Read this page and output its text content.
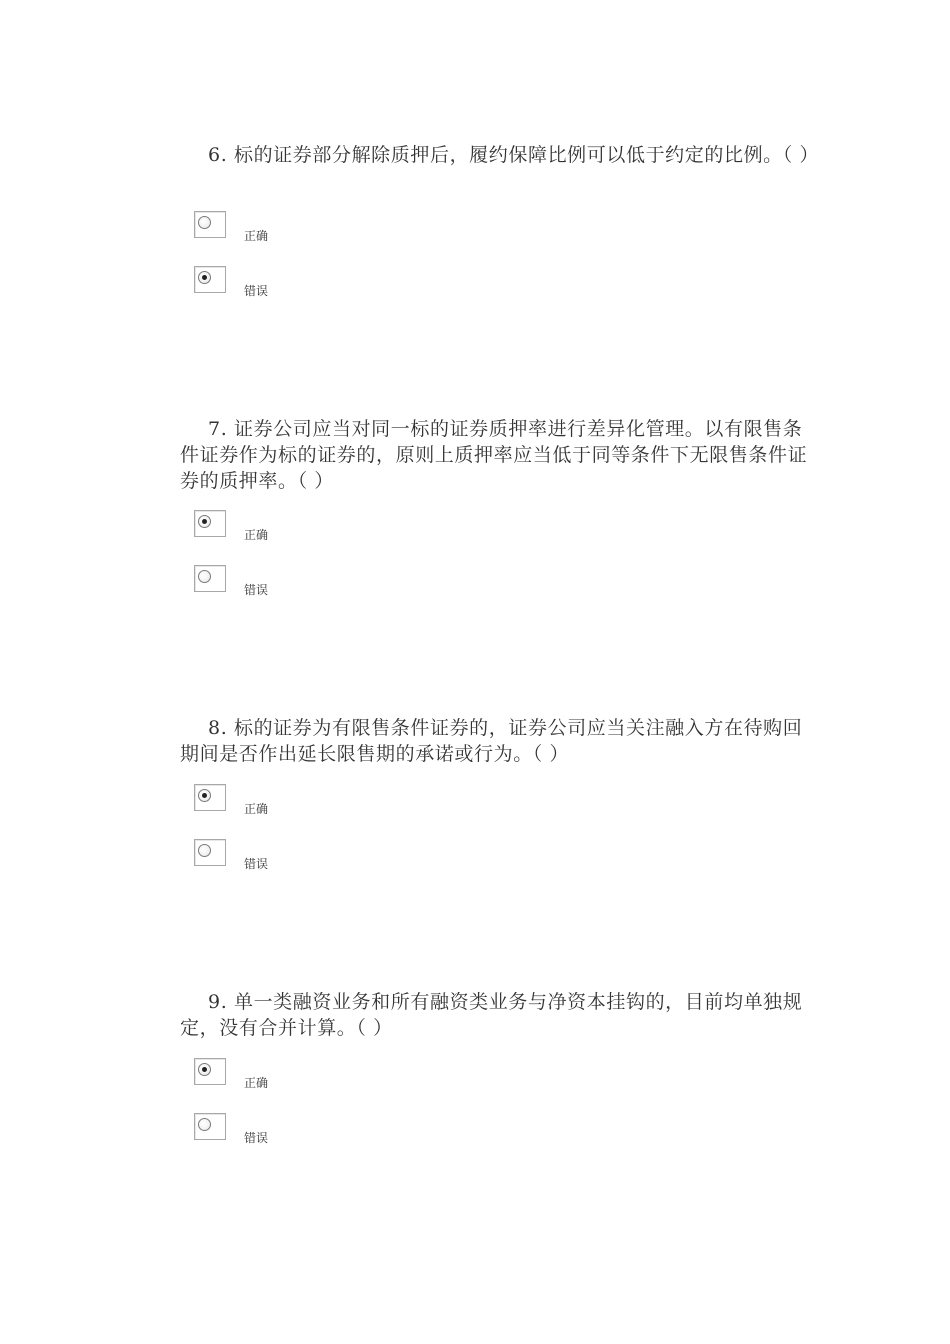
6. 标的证券部分解除质押后，履约保障比例可以低于约定的比例。（ ）

正确
错误

7. 证券公司应当对同一标的证券质押率进行差异化管理。以有限售条件证券作为标的证券的，原则上质押率应当低于同等条件下无限售条件证券的质押率。（ ）

正确
错误

8. 标的证券为有限售条件证券的，证券公司应当关注融入方在待购回期间是否作出延长限售期的承诺或行为。（ ）

正确
错误

9. 单一类融资业务和所有融资类业务与净资本挂钩的，目前均单独规定，没有合并计算。（ ）

正确
错误
